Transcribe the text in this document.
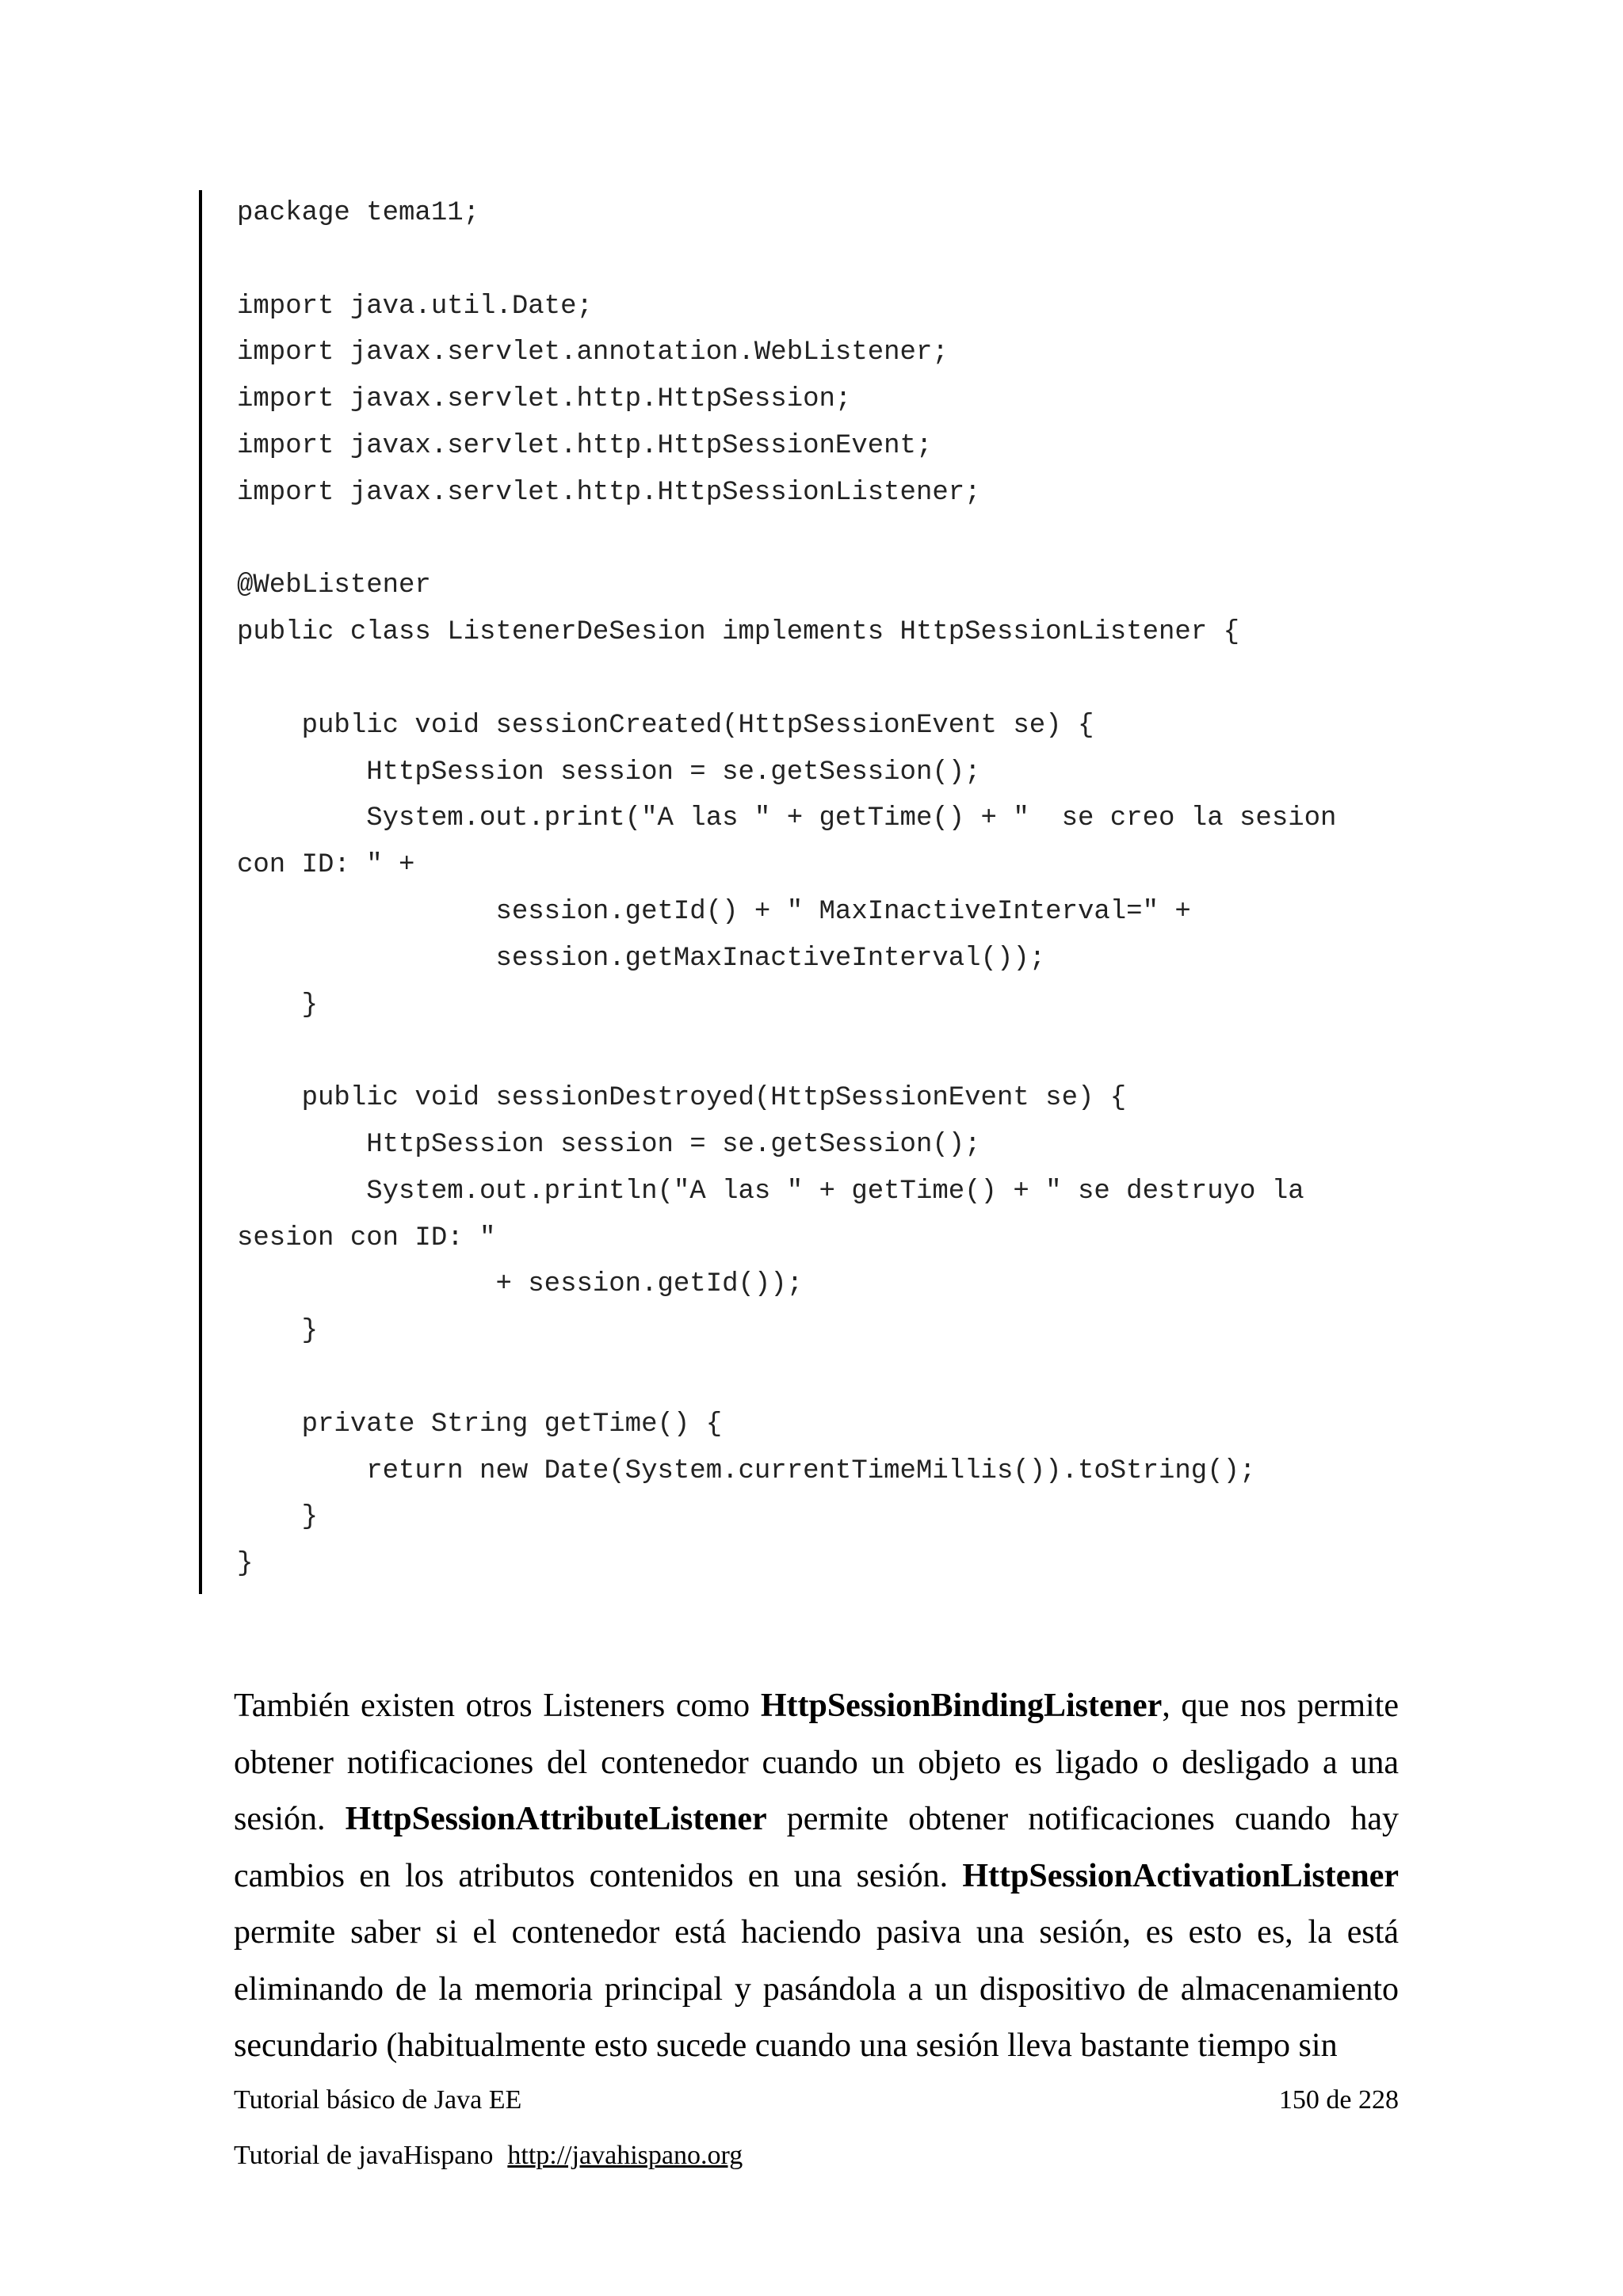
package tema11;
import java.util.Date;
import javax.servlet.annotation.WebListener;
import javax.servlet.http.HttpSession;
import javax.servlet.http.HttpSessionEvent;
import javax.servlet.http.HttpSessionListener;
@WebListener
public class ListenerDeSesion implements HttpSessionListener {
public void sessionCreated(HttpSessionEvent se) {
HttpSession session = se.getSession();
System.out.print("A las " + getTime() + "  se creo la sesion
con ID: " +
session.getId() + " MaxInactiveInterval=" +
session.getMaxInactiveInterval());
}
public void sessionDestroyed(HttpSessionEvent se) {
HttpSession session = se.getSession();
System.out.println("A las " + getTime() + " se destruyo la
sesion con ID: "
+ session.getId());
}
private String getTime() {
return new Date(System.currentTimeMillis()).toString();
}
}

También existen otros Listeners como HttpSessionBindingListener, que nos permite obtener notificaciones del contenedor cuando un objeto es ligado o desligado a una sesión. HttpSessionAttributeListener permite obtener notificaciones cuando hay cambios en los atributos contenidos en una sesión. HttpSessionActivationListener permite saber si el contenedor está haciendo pasiva una sesión, es esto es, la está eliminando de la memoria principal y pasándola a un dispositivo de almacenamiento secundario (habitualmente esto sucede cuando una sesión lleva bastante tiempo sin

Tutorial básico de Java EE	150 de 228
Tutorial de javaHispano http://javahispano.org
